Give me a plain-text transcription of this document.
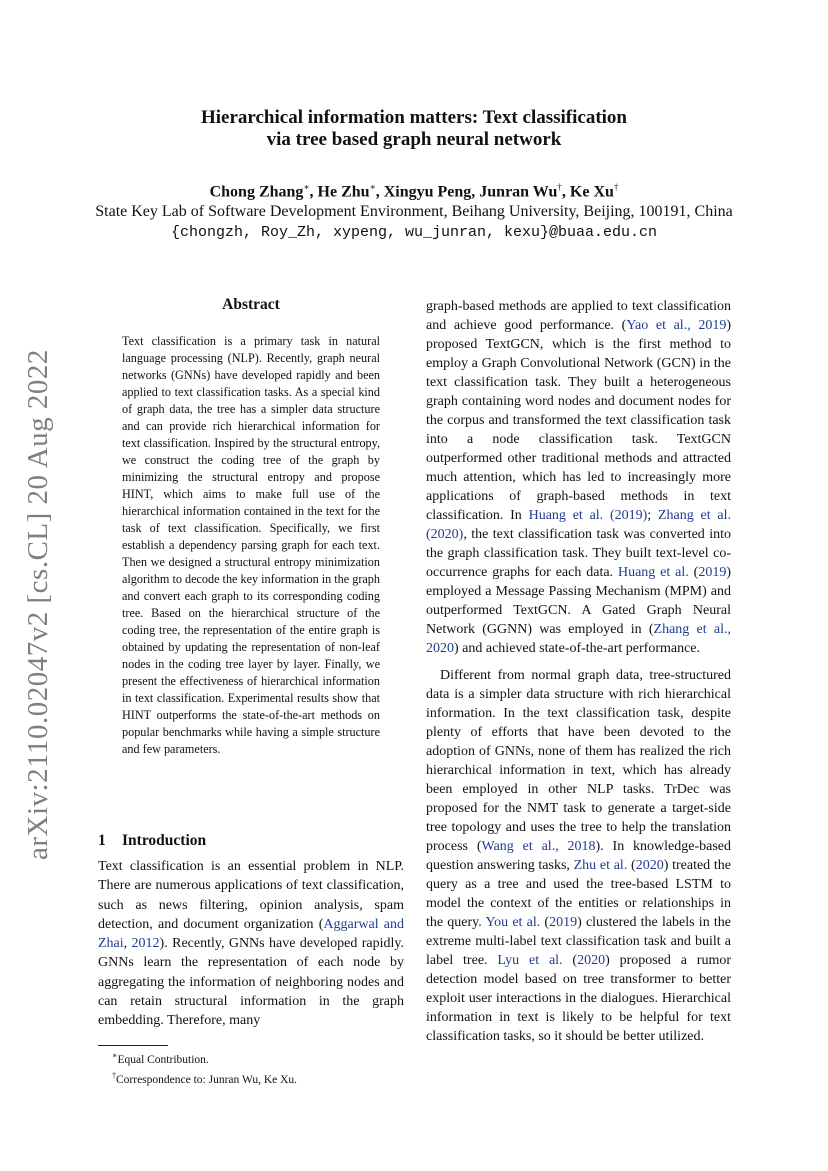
arXiv:2110.02047v2 [cs.CL] 20 Aug 2022
Hierarchical information matters: Text classification
via tree based graph neural network
Chong Zhang∗, He Zhu∗, Xingyu Peng, Junran Wu†, Ke Xu†
State Key Lab of Software Development Environment, Beihang University, Beijing, 100191, China
{chongzh, Roy_Zh, xypeng, wu_junran, kexu}@buaa.edu.cn
Abstract

Text classification is a primary task in natural language processing (NLP). Recently, graph neural networks (GNNs) have developed rapidly and been applied to text classification tasks. As a special kind of graph data, the tree has a simpler data structure and can provide rich hierarchical information for text classification. Inspired by the structural entropy, we construct the coding tree of the graph by minimizing the structural entropy and propose HINT, which aims to make full use of the hierarchical information contained in the text for the task of text classification. Specifically, we first establish a dependency parsing graph for each text. Then we designed a structural entropy minimization algorithm to decode the key information in the graph and convert each graph to its corresponding coding tree. Based on the hierarchical structure of the coding tree, the representation of the entire graph is obtained by updating the representation of non-leaf nodes in the coding tree layer by layer. Finally, we present the effectiveness of hierarchical information in text classification. Experimental results show that HINT outperforms the state-of-the-art methods on popular benchmarks while having a simple structure and few parameters.

1 Introduction
Text classification is an essential problem in NLP. There are numerous applications of text classification, such as news filtering, opinion analysis, spam detection, and document organization (Aggarwal and Zhai, 2012). Recently, GNNs have developed rapidly. GNNs learn the representation of each node by aggregating the information of neighboring nodes and can retain structural information in the graph embedding. Therefore, many
∗Equal Contribution.
†Correspondence to: Junran Wu, Ke Xu.

graph-based methods are applied to text classification and achieve good performance. (Yao et al., 2019) proposed TextGCN, which is the first method to employ a Graph Convolutional Network (GCN) in the text classification task. They built a heterogeneous graph containing word nodes and document nodes for the corpus and transformed the text classification task into a node classification task. TextGCN outperformed other traditional methods and attracted much attention, which has led to increasingly more applications of graph-based methods in text classification. In Huang et al. (2019); Zhang et al. (2020), the text classification task was converted into the graph classification task. They built text-level co-occurrence graphs for each data. Huang et al. (2019) employed a Message Passing Mechanism (MPM) and outperformed TextGCN. A Gated Graph Neural Network (GGNN) was employed in (Zhang et al., 2020) and achieved state-of-the-art performance.

Different from normal graph data, tree-structured data is a simpler data structure with rich hierarchical information. In the text classification task, despite plenty of efforts that have been devoted to the adoption of GNNs, none of them has realized the rich hierarchical information in text, which has already been employed in other NLP tasks. TrDec was proposed for the NMT task to generate a target-side tree topology and uses the tree to help the translation process (Wang et al., 2018). In knowledge-based question answering tasks, Zhu et al. (2020) treated the query as a tree and used the tree-based LSTM to model the context of the entities or relationships in the query. You et al. (2019) clustered the labels in the extreme multi-label text classification task and built a label tree. Lyu et al. (2020) proposed a rumor detection model based on tree transformer to better exploit user interactions in the dialogues. Hierarchical information in text is likely to be helpful for text classification tasks, so it should be better utilized.
